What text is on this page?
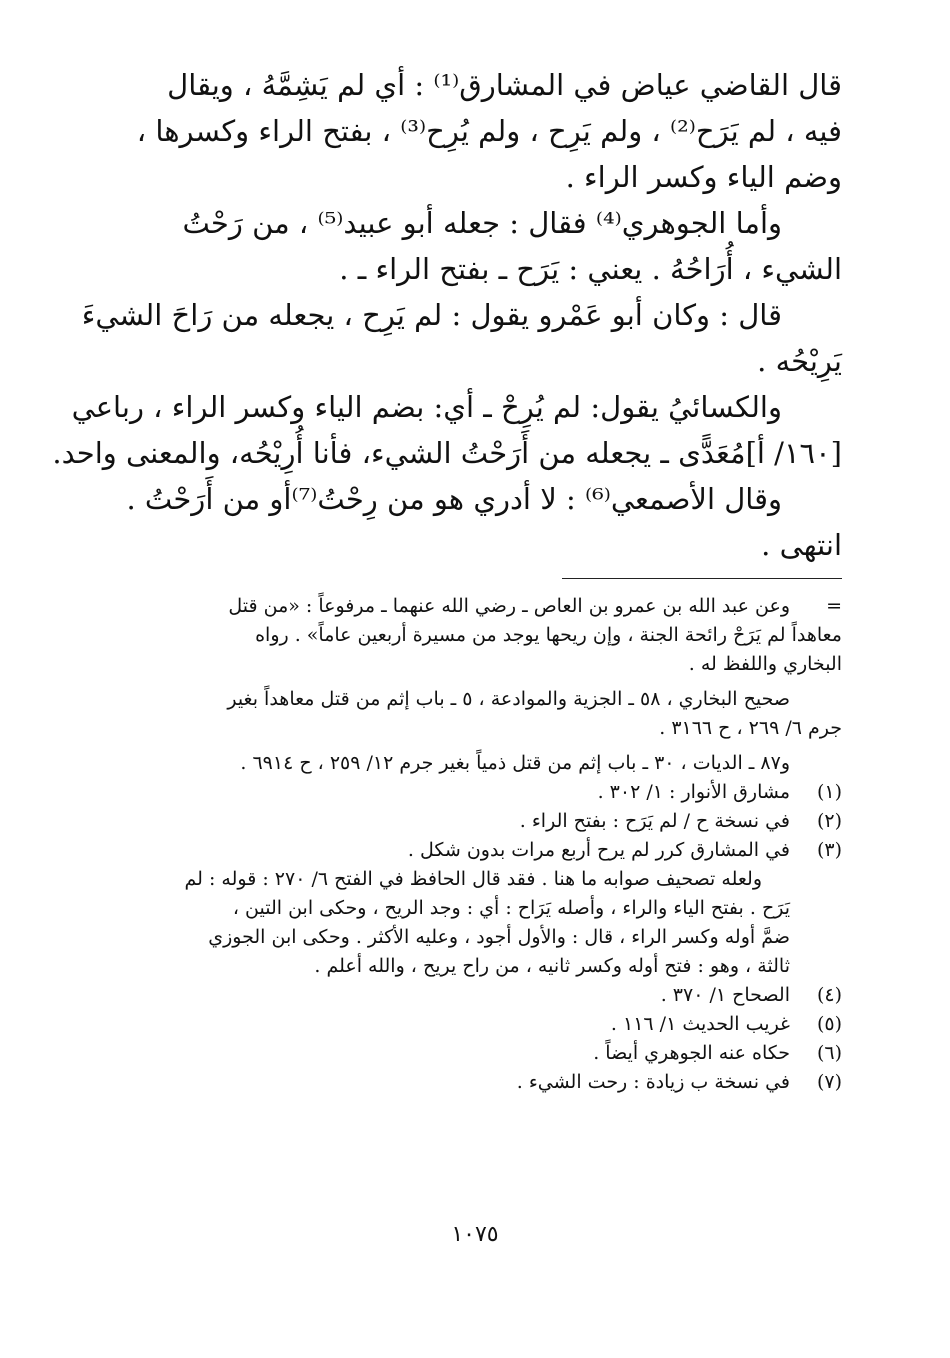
قال القاضي عياض في المشارق⁽¹⁾ : أي لم يَشِمَّهُ ، ويقال
فيه ، لم يَرَح⁽²⁾ ، ولم يَرِح ، ولم يُرِح⁽³⁾ ، بفتح الراء وكسرها ،
وضم الياء وكسر الراء .
وأما الجوهري⁽⁴⁾ فقال : جعله أبو عبيد⁽⁵⁾ ، من رَحْتُ
الشيء ، أُرَاحُهُ . يعني : يَرَح ـ بفتح الراء ـ .
قال : وكان أبو عَمْرو يقول : لم يَرِح ، يجعله من رَاحَ الشيءَ
يَرِيْحُه .
والكسائيُ يقول: لم يُرِحْ ـ أي: بضم الياء وكسر الراء ، رباعي
[١٦٠/ أ]مُعَدًّى ـ يجعله من أَرَحْتُ الشيء، فأنا أُرِيْحُه، والمعنى واحد.
وقال الأصمعي⁽⁶⁾ : لا أدري هو من رِحْتُ⁽⁷⁾أو من أَرَحْتُ .
انتهى .
=
وعن عبد الله بن عمرو بن العاص ـ رضي الله عنهما ـ مرفوعاً : «من قتل
معاهداً لم يَرَحْ رائحة الجنة ، وإن ريحها يوجد من مسيرة أربعين عاماً» . رواه
البخاري واللفظ له .
صحيح البخاري ، ٥٨ ـ الجزية والموادعة ، ٥ ـ باب إثم من قتل معاهداً بغير
جرم ٦/ ٢٦٩ ، ح ٣١٦٦ .
و٨٧ ـ الديات ، ٣٠ ـ باب إثم من قتل ذمياً بغير جرم ١٢/ ٢٥٩ ، ح ٦٩١٤ .
(١)
مشارق الأنوار : ١/ ٣٠٢ .
(٢)
في نسخة ح / لم يَرَح : بفتح الراء .
(٣)
في المشارق كرر لم يرح أربع مرات بدون شكل .
ولعله تصحيف صوابه ما هنا . فقد قال الحافظ في الفتح ٦/ ٢٧٠ : قوله : لم
يَرَح . بفتح الياء والراء ، وأصله يَرَاح : أي : وجد الريح ، وحكى ابن التين ،
ضمَّ أوله وكسر الراء ، قال : والأول أجود ، وعليه الأكثر . وحكى ابن الجوزي
ثالثة ، وهو : فتح أوله وكسر ثانيه ، من راح يريح ، والله أعلم .
(٤)
الصحاح ١/ ٣٧٠ .
(٥)
غريب الحديث ١/ ١١٦ .
(٦)
حكاه عنه الجوهري أيضاً .
(٧)
في نسخة ب زيادة : رحت الشيء .
١٠٧٥
